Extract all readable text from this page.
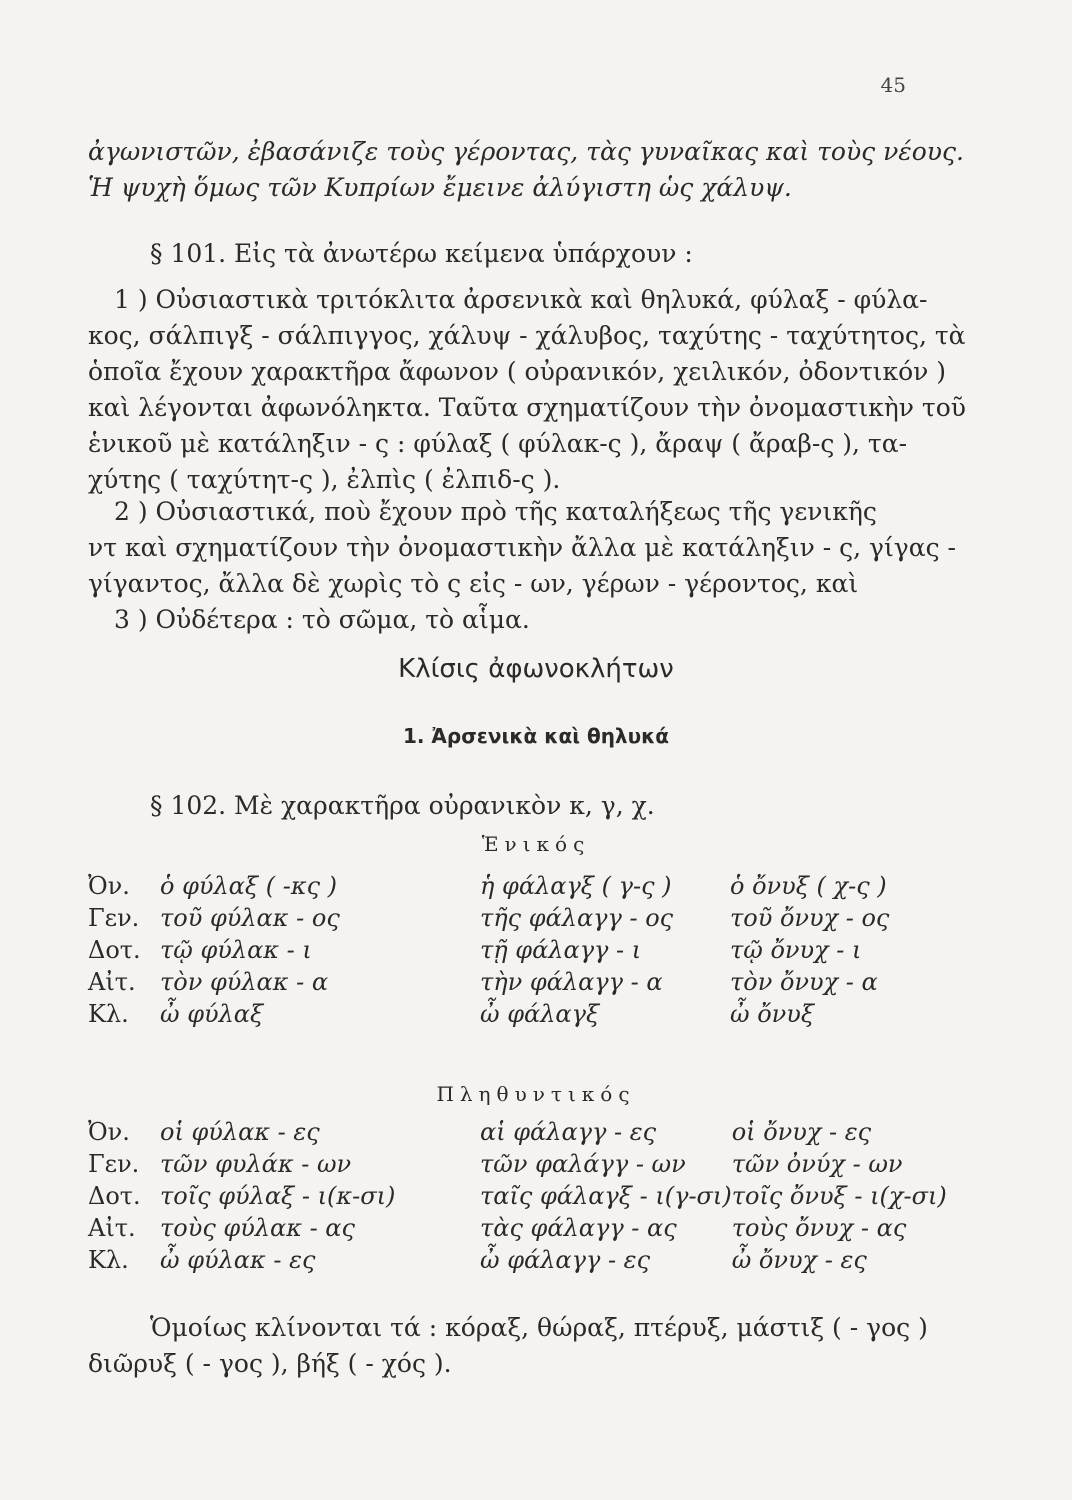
45
ἀγωνιστῶν, ἐβασάνιζε τοὺς γέροντας, τὰς γυναῖκας καὶ τοὺς νέους.
Ἡ ψυχὴ ὅμως τῶν Κυπρίων ἔμεινε ἀλύγιστη ὡς χάλυψ.
§ 101. Εἰς τὰ ἀνωτέρω κείμενα ὑπάρχουν :
1 ) Οὐσιαστικὰ τριτόκλιτα ἀρσενικὰ καὶ θηλυκά, φύλαξ - φύλα-
κος, σάλπιγξ - σάλπιγγος, χάλυψ - χάλυβος, ταχύτης - ταχύτητος, τὰ
ὁποῖα ἔχουν χαρακτῆρα ἄφωνον ( οὐρανικόν, χειλικόν, ὀδοντικόν )
καὶ λέγονται ἀφωνόληκτα. Ταῦτα σχηματίζουν τὴν ὀνομαστικὴν τοῦ
ἑνικοῦ μὲ κατάληξιν - ς : φύλαξ ( φύλακ-ς ), ἄραψ ( ἄραβ-ς ), τα-
χύτης ( ταχύτητ-ς ), ἐλπὶς ( ἐλπιδ-ς ).
2 ) Οὐσιαστικά, ποὺ ἔχουν πρὸ τῆς καταλήξεως τῆς γενικῆς
ντ καὶ σχηματίζουν τὴν ὀνομαστικὴν ἄλλα μὲ κατάληξιν - ς, γίγας -
γίγαντος, ἄλλα δὲ χωρὶς τὸ ς εἰς - ων, γέρων - γέροντος, καὶ
3 ) Οὐδέτερα : τὸ σῶμα, τὸ αἷμα.
Κλίσις ἀφωνοκλήτων
1. Ἀρσενικὰ καὶ θηλυκά
§ 102. Μὲ χαρακτῆρα οὐρανικὸν κ, γ, χ.
Ἑνικός
Ὀν.	ὁ φύλαξ ( -κς )	ἡ φάλαγξ ( γ-ς )	ὁ ὄνυξ ( χ-ς )
Γεν.	τοῦ φύλακ - ος	τῆς φάλαγγ - ος	τοῦ ὄνυχ - ος
Δοτ.	τῷ φύλακ - ι	τῇ φάλαγγ - ι	τῷ ὄνυχ - ι
Αἰτ.	τὸν φύλακ - α	τὴν φάλαγγ - α	τὸν ὄνυχ - α
Κλ.	ὦ φύλαξ	ὦ φάλαγξ	ὦ ὄνυξ
Πληθυντικός
Ὀν.	οἱ φύλακ - ες	αἱ φάλαγγ - ες	οἱ ὄνυχ - ες
Γεν.	τῶν φυλάκ - ων	τῶν φαλάγγ - ων	τῶν ὀνύχ - ων
Δοτ.	τοῖς φύλαξ - ι(κ-σι)	ταῖς φάλαγξ - ι(γ-σι)	τοῖς ὄνυξ - ι(χ-σι)
Αἰτ.	τοὺς φύλακ - ας	τὰς φάλαγγ - ας	τοὺς ὄνυχ - ας
Κλ.	ὦ φύλακ - ες	ὦ φάλαγγ - ες	ὦ ὄνυχ - ες
Ὁμοίως κλίνονται τά : κόραξ, θώραξ, πτέρυξ, μάστιξ ( - γος )
διῶρυξ ( - γος ), βήξ ( - χός ).
